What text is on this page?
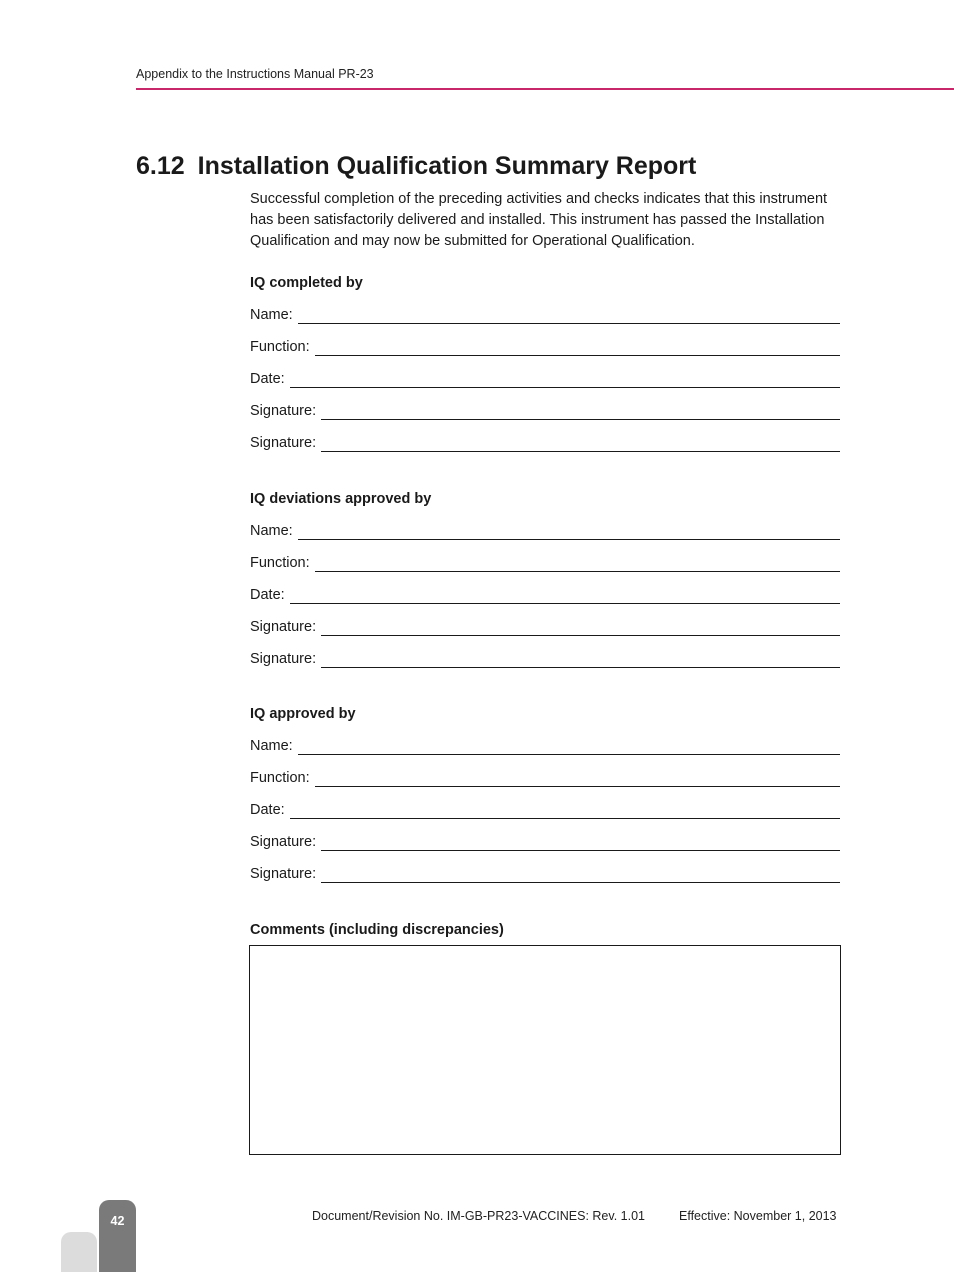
Appendix to the Instructions Manual PR-23
6.12 Installation Qualification Summary Report

Successful completion of the preceding activities and checks indicates that this instrument has been satisfactorily delivered and installed. This instrument has passed the Installation Qualification and may now be submitted for Operational Qualification.

IQ completed by
Name:
Function:
Date:
Signature:
Signature:
IQ deviations approved by
Name:
Function:
Date:
Signature:
Signature:
IQ approved by
Name:
Function:
Date:
Signature:
Signature:
Comments (including discrepancies)
42	Document/Revision No. IM-GB-PR23-VACCINES: Rev. 1.01	Effective: November 1, 2013
